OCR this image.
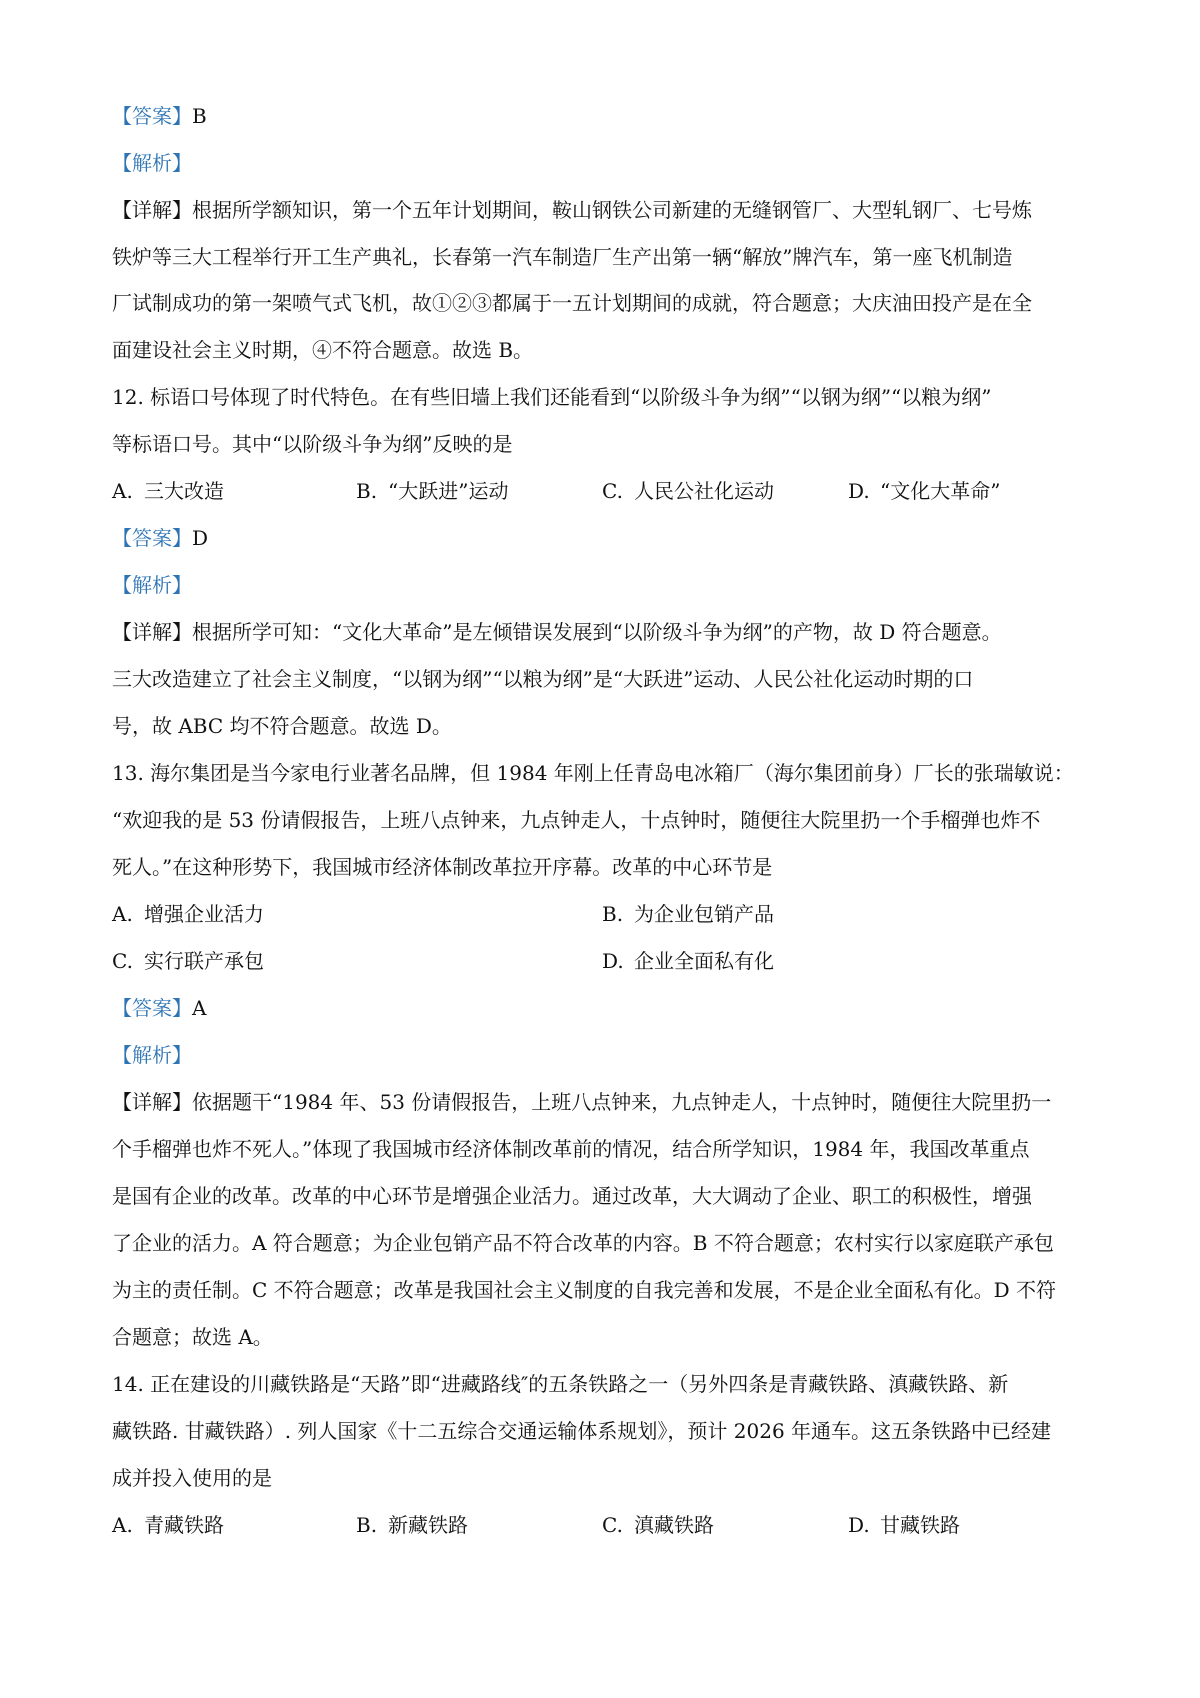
【答案】B
【解析】
【详解】根据所学额知识，第一个五年计划期间，鞍山钢铁公司新建的无缝钢管厂、大型轧钢厂、七号炼
铁炉等三大工程举行开工生产典礼，长春第一汽车制造厂生产出第一辆“解放”牌汽车，第一座飞机制造
厂试制成功的第一架喷气式飞机，故①②③都属于一五计划期间的成就，符合题意；大庆油田投产是在全
面建设社会主义时期，④不符合题意。故选 B。
12. 标语口号体现了时代特色。在有些旧墙上我们还能看到“以阶级斗争为纲”“以钢为纲”“以粮为纲”
等标语口号。其中“以阶级斗争为纲”反映的是
A. 三大改造	B. “大跃进”运动	C. 人民公社化运动	D. “文化大革命”
【答案】D
【解析】
【详解】根据所学可知：“文化大革命”是左倾错误发展到“以阶级斗争为纲”的产物，故 D 符合题意。
三大改造建立了社会主义制度，“以钢为纲”“以粮为纲”是“大跃进”运动、人民公社化运动时期的口
号，故 ABC 均不符合题意。故选 D。
13. 海尔集团是当今家电行业著名品牌，但 1984 年刚上任青岛电冰箱厂（海尔集团前身）厂长的张瑞敏说：
“欢迎我的是 53 份请假报告，上班八点钟来，九点钟走人，十点钟时，随便往大院里扔一个手榴弹也炸不
死人。”在这种形势下，我国城市经济体制改革拉开序幕。改革的中心环节是
A. 增强企业活力	B. 为企业包销产品
C. 实行联产承包	D. 企业全面私有化
【答案】A
【解析】
【详解】依据题干“1984 年、53 份请假报告，上班八点钟来，九点钟走人，十点钟时，随便往大院里扔一
个手榴弹也炸不死人。”体现了我国城市经济体制改革前的情况，结合所学知识，1984 年，我国改革重点
是国有企业的改革。改革的中心环节是增强企业活力。通过改革，大大调动了企业、职工的积极性，增强
了企业的活力。A 符合题意；为企业包销产品不符合改革的内容。B 不符合题意；农村实行以家庭联产承包
为主的责任制。C 不符合题意；改革是我国社会主义制度的自我完善和发展，不是企业全面私有化。D 不符
合题意；故选 A。
14. 正在建设的川藏铁路是“天路”即“进藏路线″的五条铁路之一（另外四条是青藏铁路、滇藏铁路、新
藏铁路. 甘藏铁路）. 列人国家《十二五综合交通运输体系规划》，预计 2026 年通车。这五条铁路中已经建
成并投入使用的是
A. 青藏铁路	B. 新藏铁路	C. 滇藏铁路	D. 甘藏铁路
